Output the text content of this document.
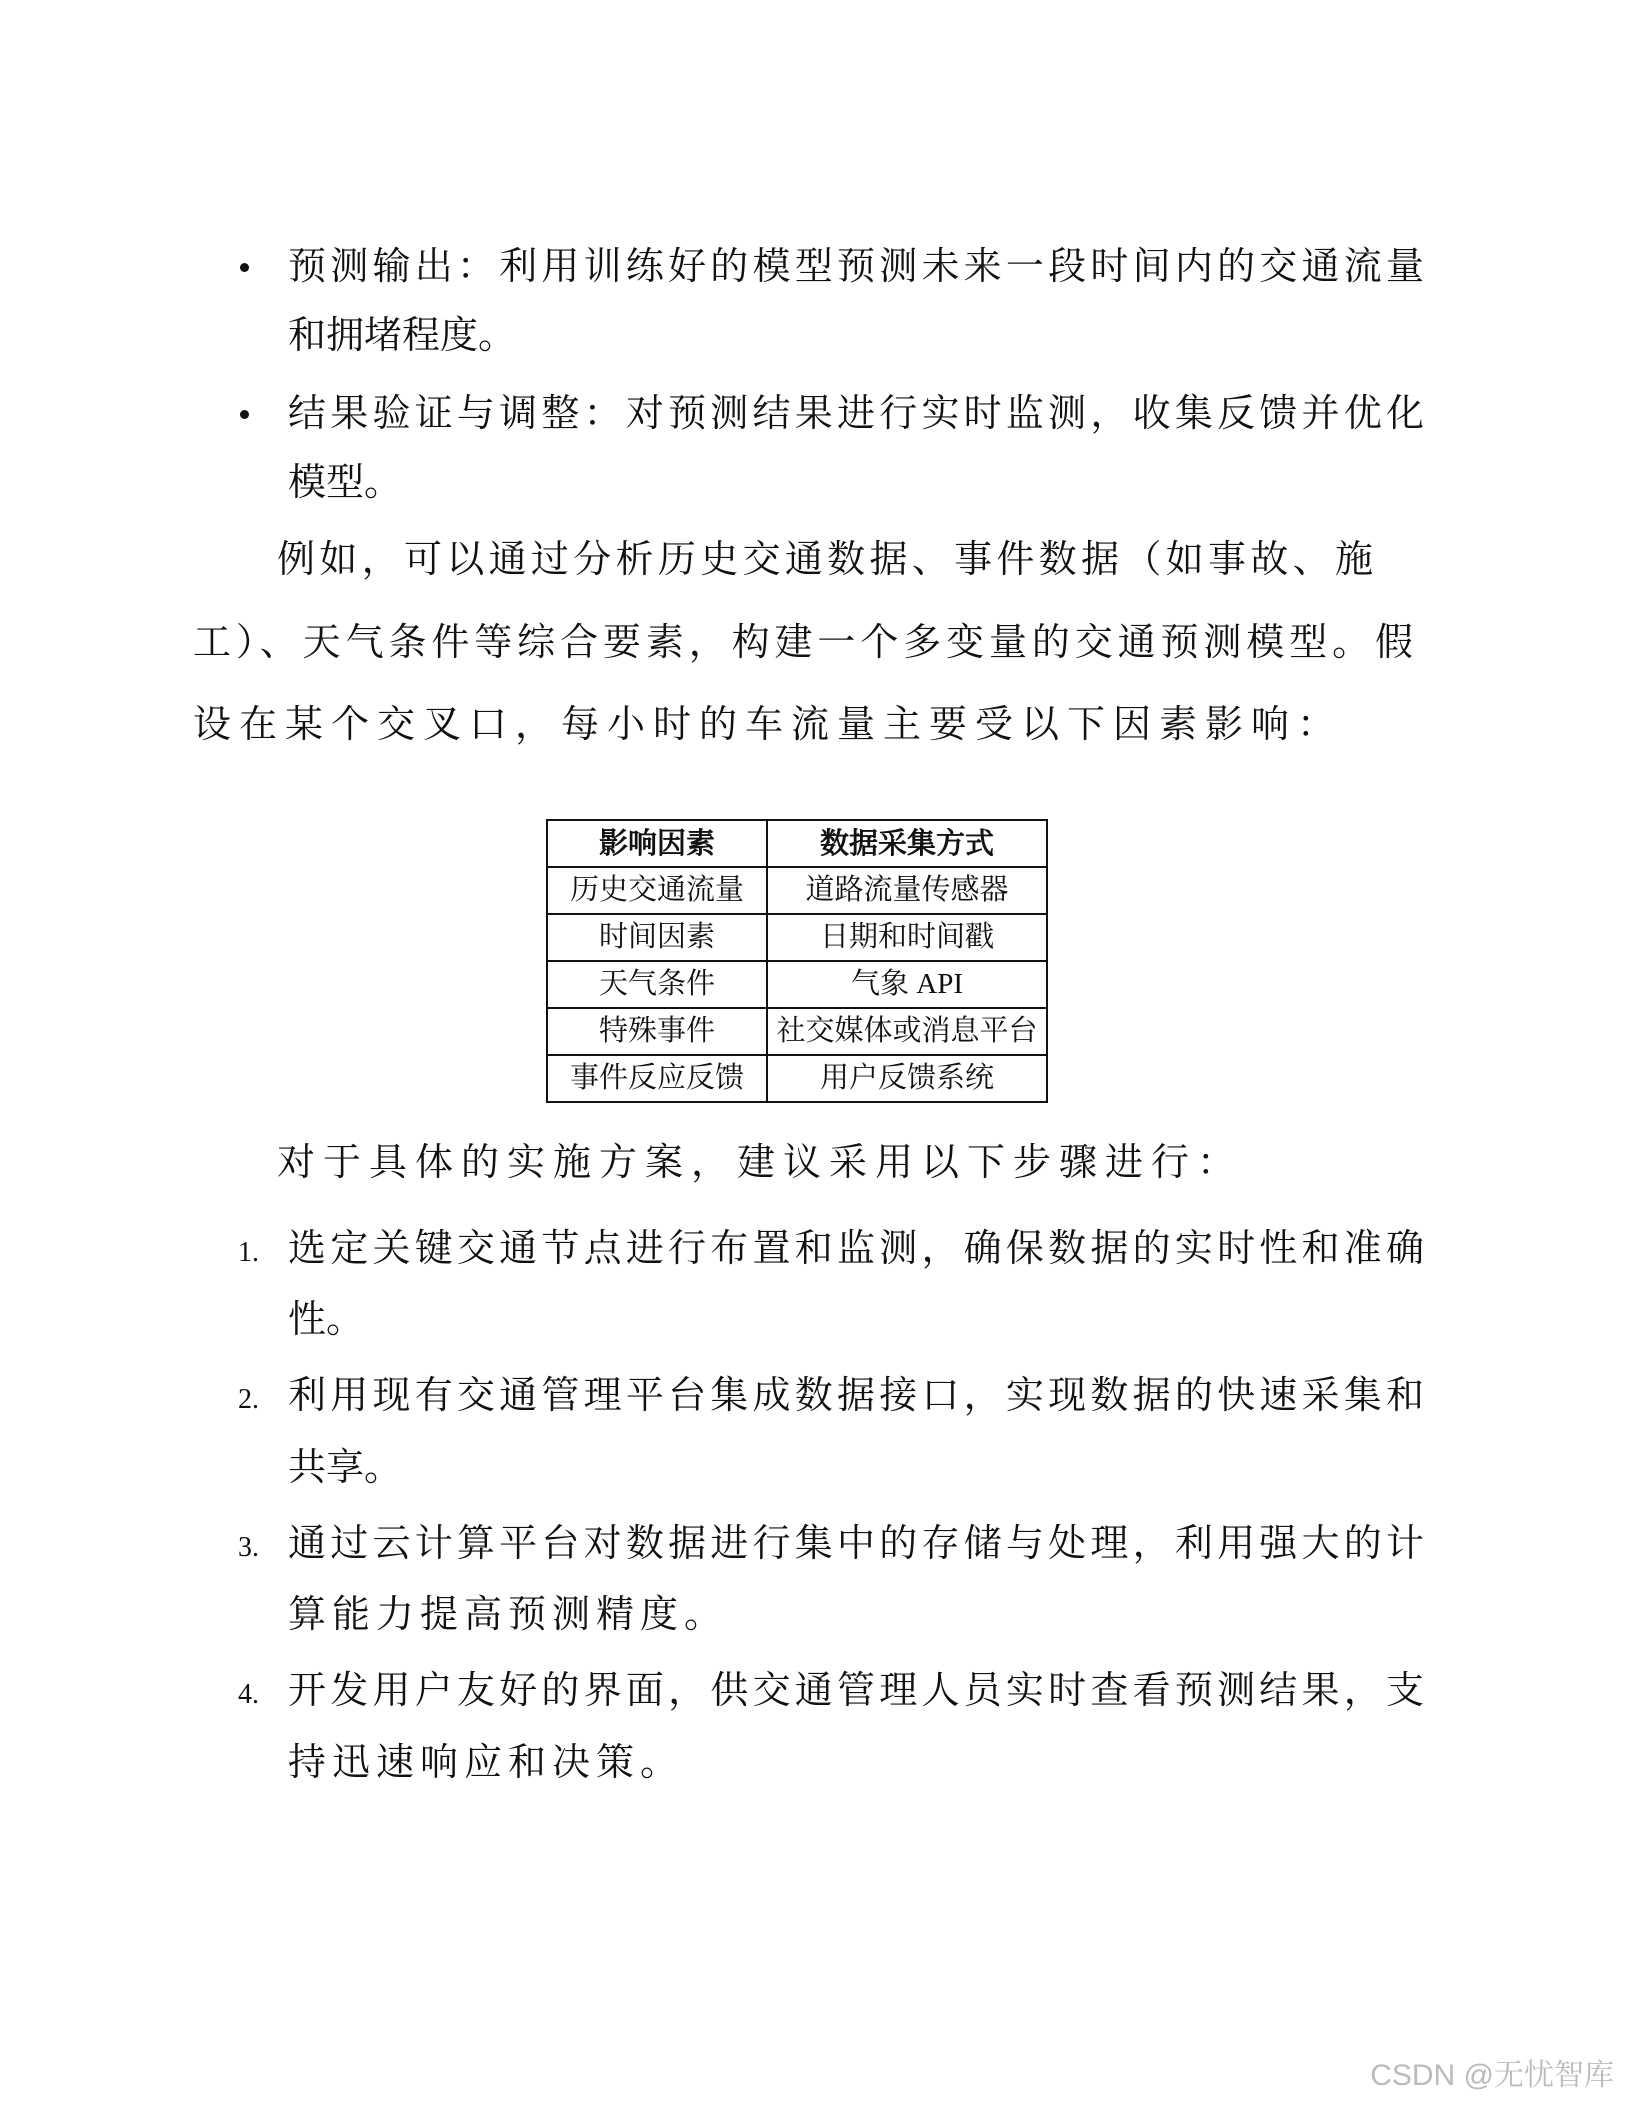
预测输出：利用训练好的模型预测未来一段时间内的交通流量
和拥堵程度。
结果验证与调整：对预测结果进行实时监测，收集反馈并优化
模型。
例如，可以通过分析历史交通数据、事件数据（如事故、施
工）、天气条件等综合要素，构建一个多变量的交通预测模型。假
设在某个交叉口，每小时的车流量主要受以下因素影响：
影响因素	数据采集方式
历史交通流量	道路流量传感器
时间因素	日期和时间戳
天气条件	气象 API
特殊事件	社交媒体或消息平台
事件反应反馈	用户反馈系统
对于具体的实施方案，建议采用以下步骤进行：
1. 选定关键交通节点进行布置和监测，确保数据的实时性和准确
性。
2. 利用现有交通管理平台集成数据接口，实现数据的快速采集和
共享。
3. 通过云计算平台对数据进行集中的存储与处理，利用强大的计
算能力提高预测精度。
4. 开发用户友好的界面，供交通管理人员实时查看预测结果，支
持迅速响应和决策。
CSDN @无忧智库
